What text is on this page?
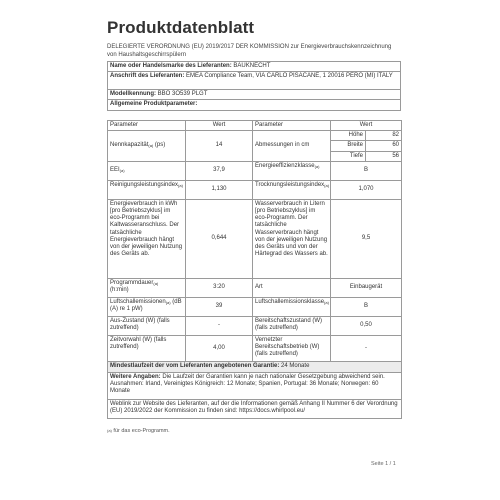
Produktdatenblatt
DELEGIERTE VERORDNUNG (EU) 2019/2017 DER KOMMISSION zur Energieverbrauchskennzeichnung von Haushaltsgeschirrspülern
Name oder Handelsmarke des Lieferanten: BAUKNECHT
Anschrift des Lieferanten: EMEA Compliance Team, VIA CARLO PISACANE, 1 20016 PERO (MI) ITALY
Modellkennung: BBO 3O539 PLGT
Allgemeine Produktparameter:
Parameter	Wert	Parameter	Wert	
Nennkapazität$^{(a)}$ (ps)	14	Abmessungen in cm	Höhe	82
			Breite	60
			Tiefe	56
EEI$^{(a)}$	37,9	Energieeffizienzklasse$^{(a)}$	B	
Reinigungsleistungsindex$^{(a)}$	1,130	Trocknungsleistungsindex$^{(a)}$	1,070	
Energieverbrauch in kWh [pro Betriebszyklus] im eco-Programm bei Kaltwasseranschluss. Der tatsächliche Energieverbrauch hängt von der jeweiligen Nutzung des Geräts ab.	0,644	Wasserverbrauch in Litern [pro Betriebszyklus] im eco-Programm. Der tatsächliche Wasserverbrauch hängt von der jeweiligen Nutzung des Geräts und von der Härtegrad des Wassers ab.	9,5	
Programmdauer$^{(a)}$
(h:min)	3:20	Art	Einbaugerät	
Luftschallemissionen$^{(a)}$ (dB (A) re 1 pW)	39	Luftschallemissionsklasse$^{(a)}$	B	
Aus-Zustand (W) (falls zutreffend)	-	Bereitschaftszustand (W) (falls zutreffend)	0,50	
Zeitvorwahl (W) (falls zutreffend)	4,00	Vernetzter Bereitschaftsbetrieb (W) (falls zutreffend)	-	
Mindestlaufzeit der vom Lieferanten angebotenen Garantie: 24 Monate				
Weitere Angaben: Die Laufzeit der Garantien kann je nach nationaler Gesetzgebung abweichend sein. Ausnahmen: Irland, Vereinigtes Königreich: 12 Monate; Spanien, Portugal: 36 Monate; Norwegen: 60 Monate				
Weblink zur Website des Lieferanten, auf der die Informationen gemäß Anhang II Nummer 6 der Verordnung (EU) 2019/2022 der Kommission zu finden sind: https://docs.whirlpool.eu/				
$^{(a)}$ für das eco-Programm.
Seite 1 / 1
